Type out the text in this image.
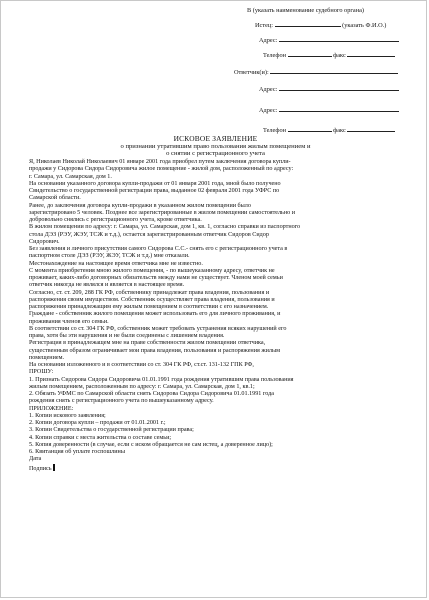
В (указать наименование судебного органа)
Истец:	(указать Ф.И.О.)
Адрес:
Телефон	факс
Ответчик(и):
Адрес:
Адрес:
Телефон	факс
ИСКОВОЕ ЗАЯВЛЕНИЕ
о признании утратившим право пользования жилым помещением и
о снятии с регистрационного учета

Я, Николаев Николай Николаевич 01 январе 2001 года приобрел путем заключения договора купли-

продажи у Сидорова Сидора Сидоровича жилое помещение - жилой дом, расположенный по адресу:

г. Самара, ул. Самарская, дом 1.

На основании указанного договора купли-продажи от 01 января 2001 года, мной было получено

Свидетельство о государственной регистрации права, выданное 02 февраля 2001 года УФРС по

Самарской области.

Ранее, до заключения договора купли-продажи в указанном жилом помещении было

зарегистрировано 5 человек. Позднее все зарегистрированные в жилом помещении самостоятельно и

добровольно снялись с регистрационного учета, кроме ответчика.

В жилом помещении по адресу: г. Самара, ул. Самарская, дом 1, кв. 1, согласно справки из паспортного

стола ДЭЗ (РЭУ, ЖЭУ, ТСЖ и т.д.), остается зарегистрированным ответчик Сидоров Сидор

Сидорович.

Без заявления и личного присутствия самого Сидорова С.С.- снять его с регистрационного учета в

паспортном столе ДЭЗ (РЭУ, ЖЭУ, ТСЖ и т.д.) мне отказали.

Местонахождение на настоящее время ответчика мне не известно.

С момента приобретения мною жилого помещения, - по вышеуказанному адресу, ответчик не

проживает, каких-либо договорных обязательств между нами не существует. Членом моей семьи

ответчик никогда не являлся и является в настоящее время.

Согласно, ст. ст. 209, 288 ГК РФ, собственнику принадлежат права владения, пользования и

распоряжения своим имуществом. Собственник осуществляет права владения, пользования и

распоряжения принадлежащим ему жилым помещением в соответствии с его назначением.

Граждане - собственник жилого помещения может использовать его для личного проживания, и

проживания членов его семьи.

В соответствии со ст. 304 ГК РФ, собственник может требовать устранения всяких нарушений его

права, хотя бы эти нарушения и не были соединены с лишением владения.

Регистрация в принадлежащем мне на праве собственности жилом помещении ответчика,

существенным образом ограничивает мои права владения, пользования и распоряжения жилым

помещением.

На основании изложенного и в соответствии со ст. 304 ГК РФ, ст.ст. 131-132 ГПК РФ,

ПРОШУ:

1. Признать Сидорова Сидора Сидоровича 01.01.1991 года рождения утратившим права пользования

жилым помещением, расположенным по адресу: г. Самара, ул. Самарская, дом 1, кв.1;

2. Обязать УФМС по Самарской области снять Сидорова Сидора Сидоровича 01.01.1991 года

рождения снять с регистрационного учета по вышеуказанному адресу.

ПРИЛОЖЕНИЕ:

1. Копии искового заявления;

2. Копии договора купли – продажи от 01.01.2001 г.;

3. Копии Свидетельства о государственной регистрации права;

4. Копии справки с места жительства о составе семьи;

5. Копия доверенности (в случае, если с иском обращается не сам истец, а доверенное лицо);

6. Квитанция об уплате госпошлины

Дата

Подпись
